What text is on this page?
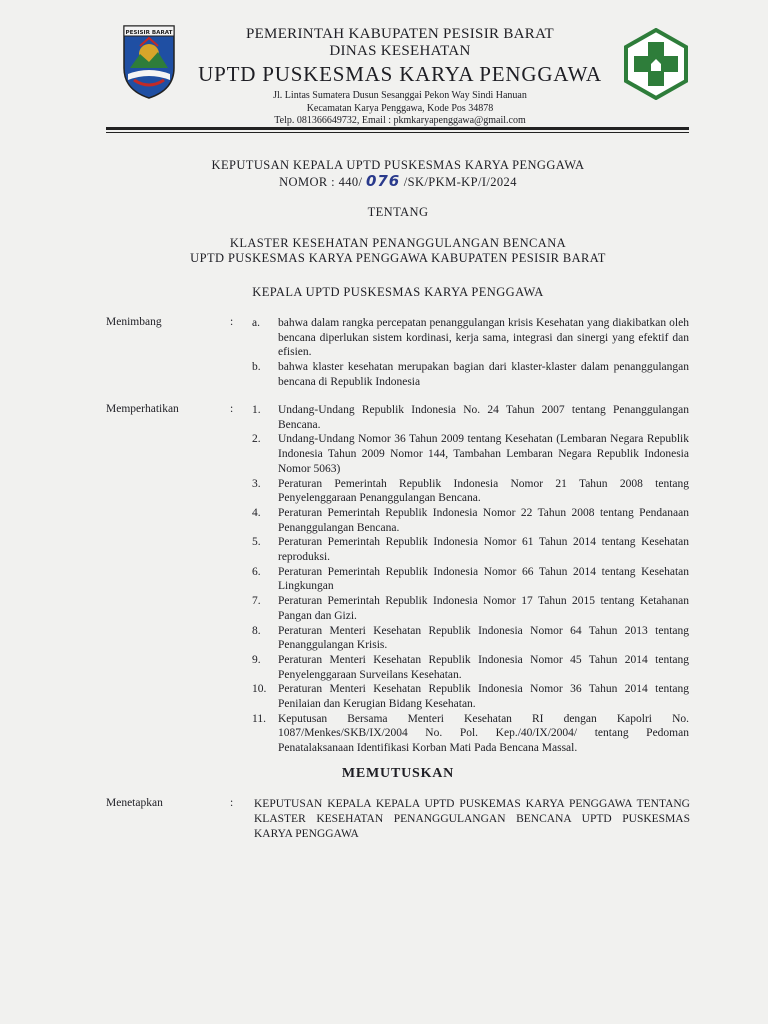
PESISIR BARAT	PEMERINTAH KABUPATEN PESISIR BARAT
DINAS KESEHATAN
UPTD PUSKESMAS KARYA PENGGAWA
Jl. Lintas Sumatera Dusun Sesanggai Pekon Way Sindi Hanuan
Kecamatan Karya Penggawa, Kode Pos 34878
Telp. 081366649732, Email : pkmkaryapenggawa@gmail.com
KEPUTUSAN KEPALA UPTD PUSKESMAS KARYA PENGGAWA
NOMOR : 440/ 076 /SK/PKM-KP/I/2024
TENTANG
KLASTER KESEHATAN PENANGGULANGAN BENCANA
UPTD PUSKESMAS KARYA PENGGAWA KABUPATEN PESISIR BARAT
KEPALA UPTD PUSKESMAS KARYA PENGGAWA
Menimbang	: a.	bahwa dalam rangka percepatan penanggulangan krisis Kesehatan yang diakibatkan oleh bencana diperlukan sistem kordinasi, kerja sama, integrasi dan sinergi yang efektif dan efisien.
b.	bahwa klaster kesehatan merupakan bagian dari klaster-klaster dalam penanggulangan bencana di Republik Indonesia
Memperhatikan	: 1.	Undang-Undang Republik Indonesia No. 24 Tahun 2007 tentang Penanggulangan Bencana.
2.	Undang-Undang Nomor 36 Tahun 2009 tentang Kesehatan (Lembaran Negara Republik Indonesia Tahun 2009 Nomor 144, Tambahan Lembaran Negara Republik Indonesia Nomor 5063)
3.	Peraturan Pemerintah Republik Indonesia Nomor 21 Tahun 2008 tentang Penyelenggaraan Penanggulangan Bencana.
4.	Peraturan Pemerintah Republik Indonesia Nomor 22 Tahun 2008 tentang Pendanaan Penanggulangan Bencana.
5.	Peraturan Pemerintah Republik Indonesia Nomor 61 Tahun 2014 tentang Kesehatan reproduksi.
6.	Peraturan Pemerintah Republik Indonesia Nomor 66 Tahun 2014 tentang Kesehatan Lingkungan
7.	Peraturan Pemerintah Republik Indonesia Nomor 17 Tahun 2015 tentang Ketahanan Pangan dan Gizi.
8.	Peraturan Menteri Kesehatan Republik Indonesia Nomor 64 Tahun 2013 tentang Penanggulangan Krisis.
9.	Peraturan Menteri Kesehatan Republik Indonesia Nomor 45 Tahun 2014 tentang Penyelenggaraan Surveilans Kesehatan.
10.	Peraturan Menteri Kesehatan Republik Indonesia Nomor 36 Tahun 2014 tentang Penilaian dan Kerugian Bidang Kesehatan.
11.	Keputusan Bersama Menteri Kesehatan RI dengan Kapolri No. 1087/Menkes/SKB/IX/2004 No. Pol. Kep./40/IX/2004/ tentang Pedoman Penatalaksanaan Identifikasi Korban Mati Pada Bencana Massal.
MEMUTUSKAN
Menetapkan	: KEPUTUSAN KEPALA KEPALA UPTD PUSKEMAS KARYA PENGGAWA TENTANG KLASTER KESEHATAN PENANGGULANGAN BENCANA UPTD PUSKESMAS KARYA PENGGAWA
